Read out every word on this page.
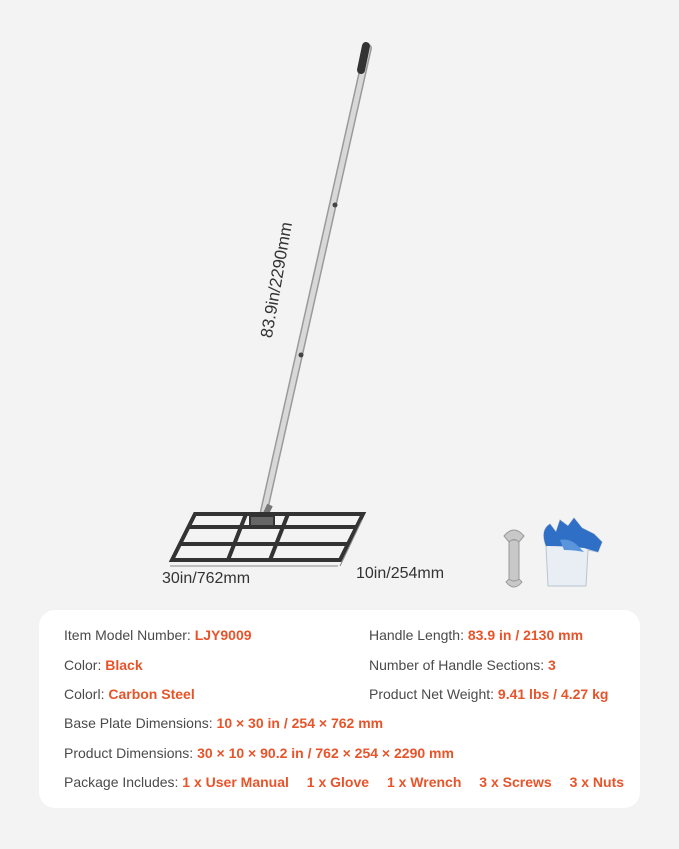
83.9in/2290mm
30in/762mm	10in/254mm
Item Model Number: LJY9009	Handle Length: 83.9 in / 2130 mm
Color: Black	Number of Handle Sections: 3
Colorl: Carbon Steel	Product Net Weight: 9.41 lbs / 4.27 kg
Base Plate Dimensions: 10 × 30 in / 254 × 762 mm
Product Dimensions: 30 × 10 × 90.2 in / 762 × 254 × 2290 mm
Package Includes: 1 x User Manual 1 x Glove 1 x Wrench 3 x Screws 3 x Nuts
